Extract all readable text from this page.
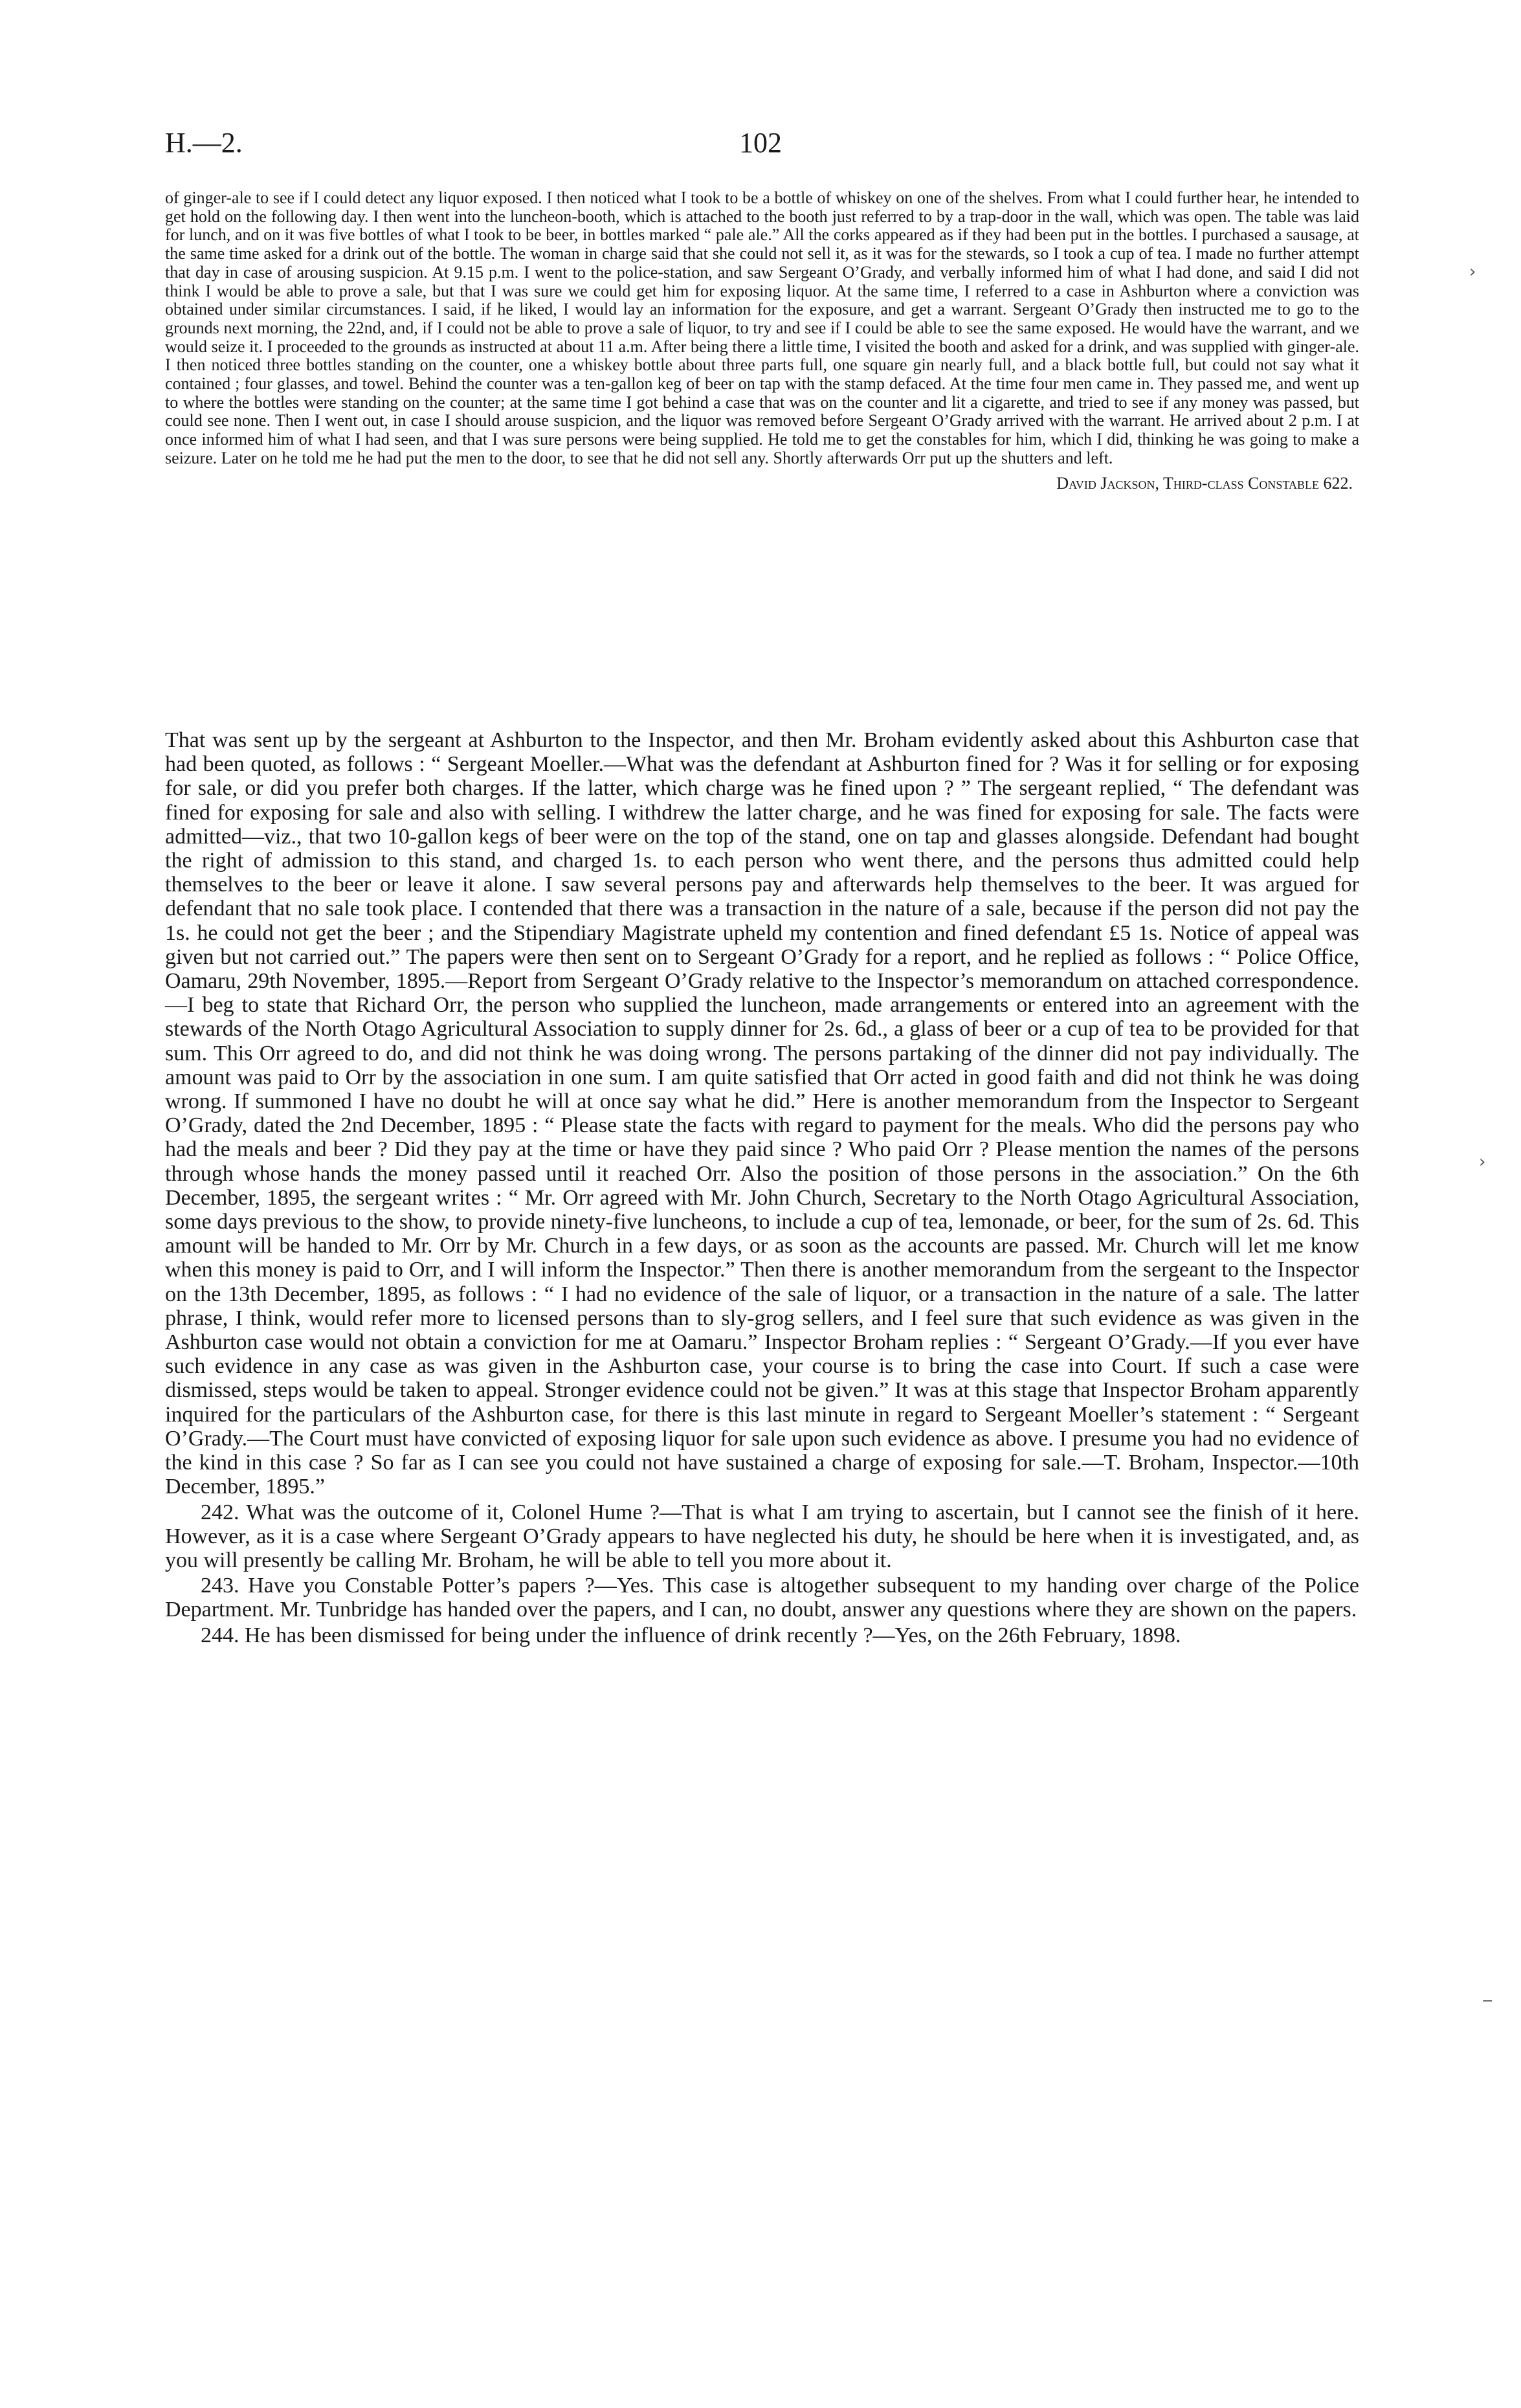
H.—2.	102
of ginger-ale to see if I could detect any liquor exposed. I then noticed what I took to be a bottle of whiskey on one of the shelves. From what I could further hear, he intended to get hold on the following day. I then went into the luncheon-booth, which is attached to the booth just referred to by a trap-door in the wall, which was open. The table was laid for lunch, and on it was five bottles of what I took to be beer, in bottles marked “ pale ale.” All the corks appeared as if they had been put in the bottles. I purchased a sausage, at the same time asked for a drink out of the bottle. The woman in charge said that she could not sell it, as it was for the stewards, so I took a cup of tea. I made no further attempt that day in case of arousing suspicion. At 9.15 p.m. I went to the police-station, and saw Sergeant O’Grady, and verbally informed him of what I had done, and said I did not think I would be able to prove a sale, but that I was sure we could get him for exposing liquor. At the same time, I referred to a case in Ashburton where a conviction was obtained under similar circumstances. I said, if he liked, I would lay an information for the exposure, and get a warrant. Sergeant O’Grady then instructed me to go to the grounds next morning, the 22nd, and, if I could not be able to prove a sale of liquor, to try and see if I could be able to see the same exposed. He would have the warrant, and we would seize it. I proceeded to the grounds as instructed at about 11 a.m. After being there a little time, I visited the booth and asked for a drink, and was supplied with ginger-ale. I then noticed three bottles standing on the counter, one a whiskey bottle about three parts full, one square gin nearly full, and a black bottle full, but could not say what it contained ; four glasses, and towel. Behind the counter was a ten-gallon keg of beer on tap with the stamp defaced. At the time four men came in. They passed me, and went up to where the bottles were standing on the counter; at the same time I got behind a case that was on the counter and lit a cigarette, and tried to see if any money was passed, but could see none. Then I went out, in case I should arouse suspicion, and the liquor was removed before Sergeant O’Grady arrived with the warrant. He arrived about 2 p.m. I at once informed him of what I had seen, and that I was sure persons were being supplied. He told me to get the constables for him, which I did, thinking he was going to make a seizure. Later on he told me he had put the men to the door, to see that he did not sell any. Shortly afterwards Orr put up the shutters and left.
David Jackson, Third-class Constable 622.

That was sent up by the sergeant at Ashburton to the Inspector, and then Mr. Broham evidently asked about this Ashburton case that had been quoted, as follows : “ Sergeant Moeller.—What was the defendant at Ashburton fined for ? Was it for selling or for exposing for sale, or did you prefer both charges. If the latter, which charge was he fined upon ? ” The sergeant replied, “ The defendant was fined for exposing for sale and also with selling. I withdrew the latter charge, and he was fined for exposing for sale. The facts were admitted—viz., that two 10-gallon kegs of beer were on the top of the stand, one on tap and glasses alongside. Defendant had bought the right of admission to this stand, and charged 1s. to each person who went there, and the persons thus admitted could help themselves to the beer or leave it alone. I saw several persons pay and afterwards help themselves to the beer. It was argued for defendant that no sale took place. I contended that there was a transaction in the nature of a sale, because if the person did not pay the 1s. he could not get the beer ; and the Stipendiary Magistrate upheld my contention and fined defendant £5 1s. Notice of appeal was given but not carried out.” The papers were then sent on to Sergeant O’Grady for a report, and he replied as follows : “ Police Office, Oamaru, 29th November, 1895.—Report from Sergeant O’Grady relative to the Inspector’s memorandum on attached correspondence.—I beg to state that Richard Orr, the person who supplied the luncheon, made arrangements or entered into an agreement with the stewards of the North Otago Agricultural Association to supply dinner for 2s. 6d., a glass of beer or a cup of tea to be provided for that sum. This Orr agreed to do, and did not think he was doing wrong. The persons partaking of the dinner did not pay individually. The amount was paid to Orr by the association in one sum. I am quite satisfied that Orr acted in good faith and did not think he was doing wrong. If summoned I have no doubt he will at once say what he did.” Here is another memorandum from the Inspector to Sergeant O’Grady, dated the 2nd December, 1895 : “ Please state the facts with regard to payment for the meals. Who did the persons pay who had the meals and beer ? Did they pay at the time or have they paid since ? Who paid Orr ? Please mention the names of the persons through whose hands the money passed until it reached Orr. Also the position of those persons in the association.” On the 6th December, 1895, the sergeant writes : “ Mr. Orr agreed with Mr. John Church, Secretary to the North Otago Agricultural Association, some days previous to the show, to provide ninety-five luncheons, to include a cup of tea, lemonade, or beer, for the sum of 2s. 6d. This amount will be handed to Mr. Orr by Mr. Church in a few days, or as soon as the accounts are passed. Mr. Church will let me know when this money is paid to Orr, and I will inform the Inspector.” Then there is another memorandum from the sergeant to the Inspector on the 13th December, 1895, as follows : “ I had no evidence of the sale of liquor, or a transaction in the nature of a sale. The latter phrase, I think, would refer more to licensed persons than to sly-grog sellers, and I feel sure that such evidence as was given in the Ashburton case would not obtain a conviction for me at Oamaru.” Inspector Broham replies : “ Sergeant O’Grady.—If you ever have such evidence in any case as was given in the Ashburton case, your course is to bring the case into Court. If such a case were dismissed, steps would be taken to appeal. Stronger evidence could not be given.” It was at this stage that Inspector Broham apparently inquired for the particulars of the Ashburton case, for there is this last minute in regard to Sergeant Moeller’s statement : “ Sergeant O’Grady.—The Court must have convicted of exposing liquor for sale upon such evidence as above. I presume you had no evidence of the kind in this case ? So far as I can see you could not have sustained a charge of exposing for sale.—T. Broham, Inspector.—10th December, 1895.”

242. What was the outcome of it, Colonel Hume ?—That is what I am trying to ascertain, but I cannot see the finish of it here. However, as it is a case where Sergeant O’Grady appears to have neglected his duty, he should be here when it is investigated, and, as you will presently be calling Mr. Broham, he will be able to tell you more about it.

243. Have you Constable Potter’s papers ?—Yes. This case is altogether subsequent to my handing over charge of the Police Department. Mr. Tunbridge has handed over the papers, and I can, no doubt, answer any questions where they are shown on the papers.

244. He has been dismissed for being under the influence of drink recently ?—Yes, on the 26th February, 1898.

›
›
‒
